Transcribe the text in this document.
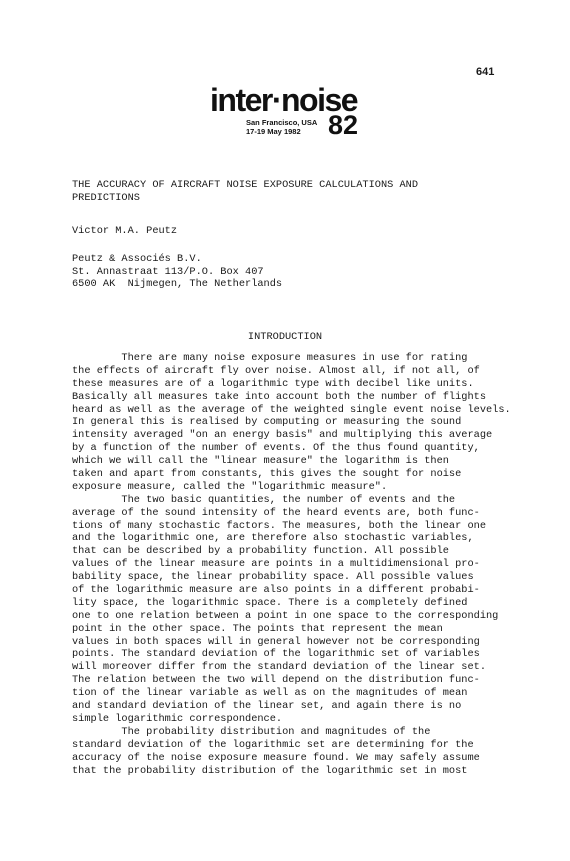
641
inter·noise
San Francisco, USA
17-19 May 1982	82
THE ACCURACY OF AIRCRAFT NOISE EXPOSURE CALCULATIONS AND
PREDICTIONS
Victor M.A. Peutz
Peutz & Associés B.V.
St. Annastraat 113/P.O. Box 407
6500 AK  Nijmegen, The Netherlands
INTRODUCTION
There are many noise exposure measures in use for rating
the effects of aircraft fly over noise. Almost all, if not all, of
these measures are of a logarithmic type with decibel like units.
Basically all measures take into account both the number of flights
heard as well as the average of the weighted single event noise levels.
In general this is realised by computing or measuring the sound
intensity averaged "on an energy basis" and multiplying this average
by a function of the number of events. Of the thus found quantity,
which we will call the "linear measure" the logarithm is then
taken and apart from constants, this gives the sought for noise
exposure measure, called the "logarithmic measure".
The two basic quantities, the number of events and the
average of the sound intensity of the heard events are, both func-
tions of many stochastic factors. The measures, both the linear one
and the logarithmic one, are therefore also stochastic variables,
that can be described by a probability function. All possible
values of the linear measure are points in a multidimensional pro-
bability space, the linear probability space. All possible values
of the logarithmic measure are also points in a different probabi-
lity space, the logarithmic space. There is a completely defined
one to one relation between a point in one space to the corresponding
point in the other space. The points that represent the mean
values in both spaces will in general however not be corresponding
points. The standard deviation of the logarithmic set of variables
will moreover differ from the standard deviation of the linear set.
The relation between the two will depend on the distribution func-
tion of the linear variable as well as on the magnitudes of mean
and standard deviation of the linear set, and again there is no
simple logarithmic correspondence.
The probability distribution and magnitudes of the
standard deviation of the logarithmic set are determining for the
accuracy of the noise exposure measure found. We may safely assume
that the probability distribution of the logarithmic set in most
